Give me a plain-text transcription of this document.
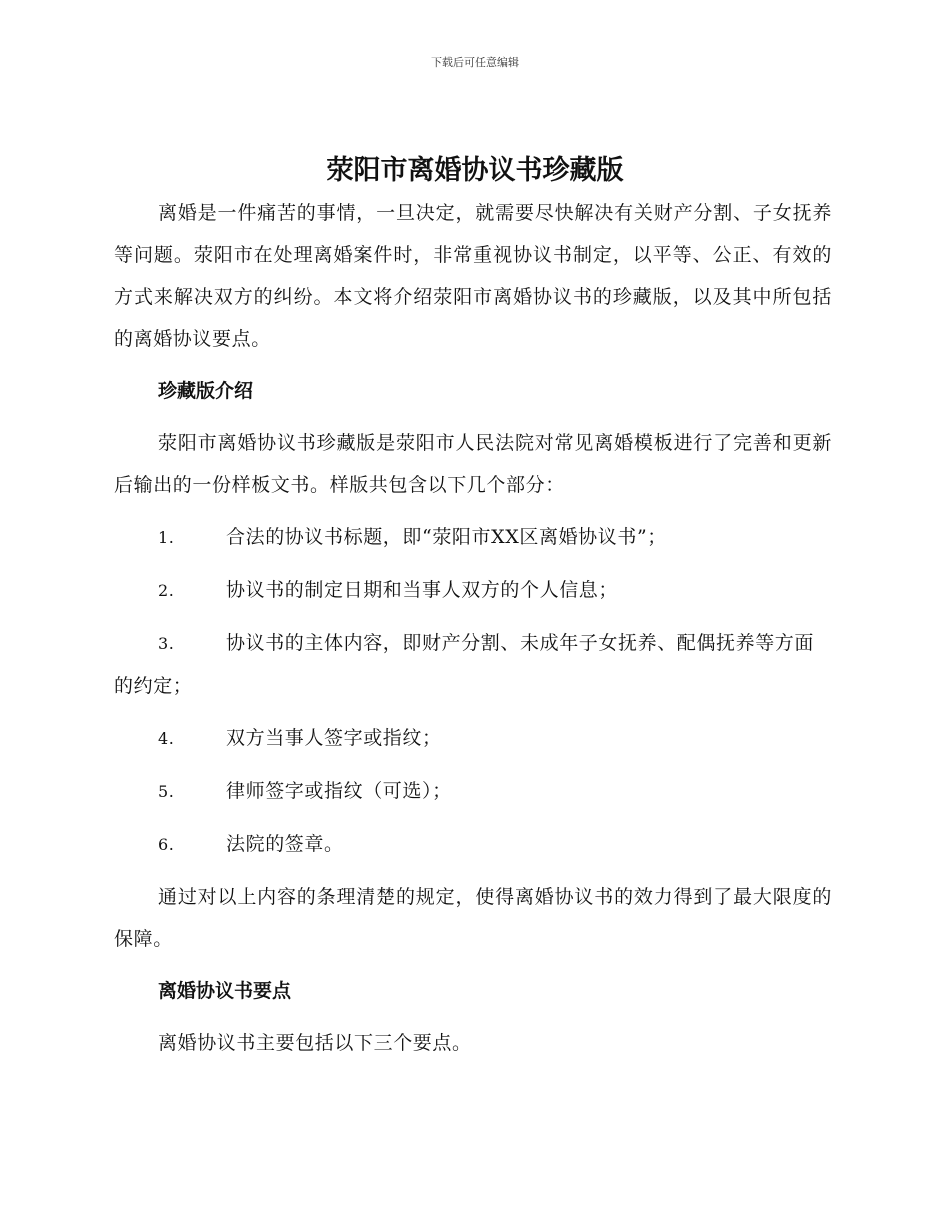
下载后可任意编辑
荥阳市离婚协议书珍藏版

离婚是一件痛苦的事情，一旦决定，就需要尽快解决有关财产分割、子女抚养等问题。荥阳市在处理离婚案件时，非常重视协议书制定，以平等、公正、有效的方式来解决双方的纠纷。本文将介绍荥阳市离婚协议书的珍藏版，以及其中所包括的离婚协议要点。

珍藏版介绍

荥阳市离婚协议书珍藏版是荥阳市人民法院对常见离婚模板进行了完善和更新后输出的一份样板文书。样版共包含以下几个部分：

1.	合法的协议书标题，即“荥阳市XX区离婚协议书”；

2.	协议书的制定日期和当事人双方的个人信息；

3.	协议书的主体内容，即财产分割、未成年子女抚养、配偶抚养等方面的约定；

4.	双方当事人签字或指纹；

5.	律师签字或指纹（可选）；

6.	法院的签章。

通过对以上内容的条理清楚的规定，使得离婚协议书的效力得到了最大限度的保障。

离婚协议书要点

离婚协议书主要包括以下三个要点。
